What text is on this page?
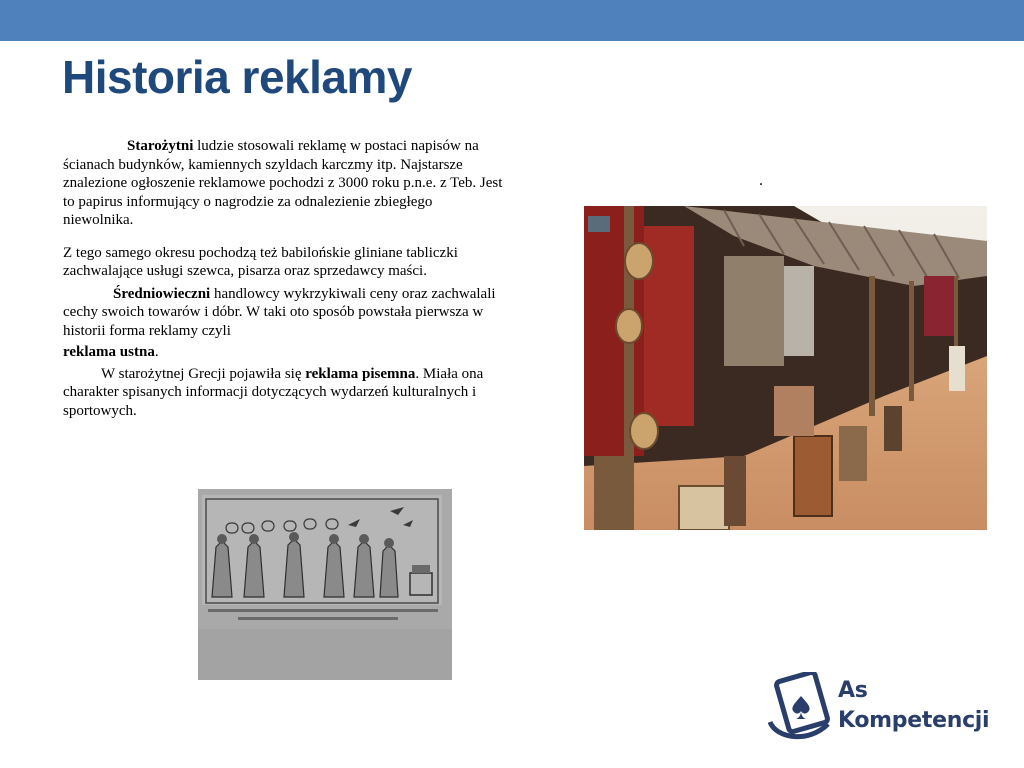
Historia reklamy

Starożytni ludzie stosowali reklamę w postaci napisów na ścianach budynków, kamiennych szyldach karczmy itp. Najstarsze znalezione ogłoszenie reklamowe pochodzi z 3000 roku p.n.e. z Teb. Jest to papirus informujący o nagrodzie za odnalezienie zbiegłego niewolnika.

Z tego samego okresu pochodzą też babilońskie gliniane tabliczki zachwalające usługi szewca, pisarza oraz sprzedawcy maści.

Średniowieczni handlowcy wykrzykiwali ceny oraz zachwalali cechy swoich towarów i dóbr. W taki oto sposób powstała pierwsza w historii forma reklamy czyli

reklama ustna.

W starożytnej Grecji pojawiła się reklama pisemna. Miała ona charakter spisanych informacji dotyczących wydarzeń kulturalnych i sportowych.

.
As
Kompetencji
